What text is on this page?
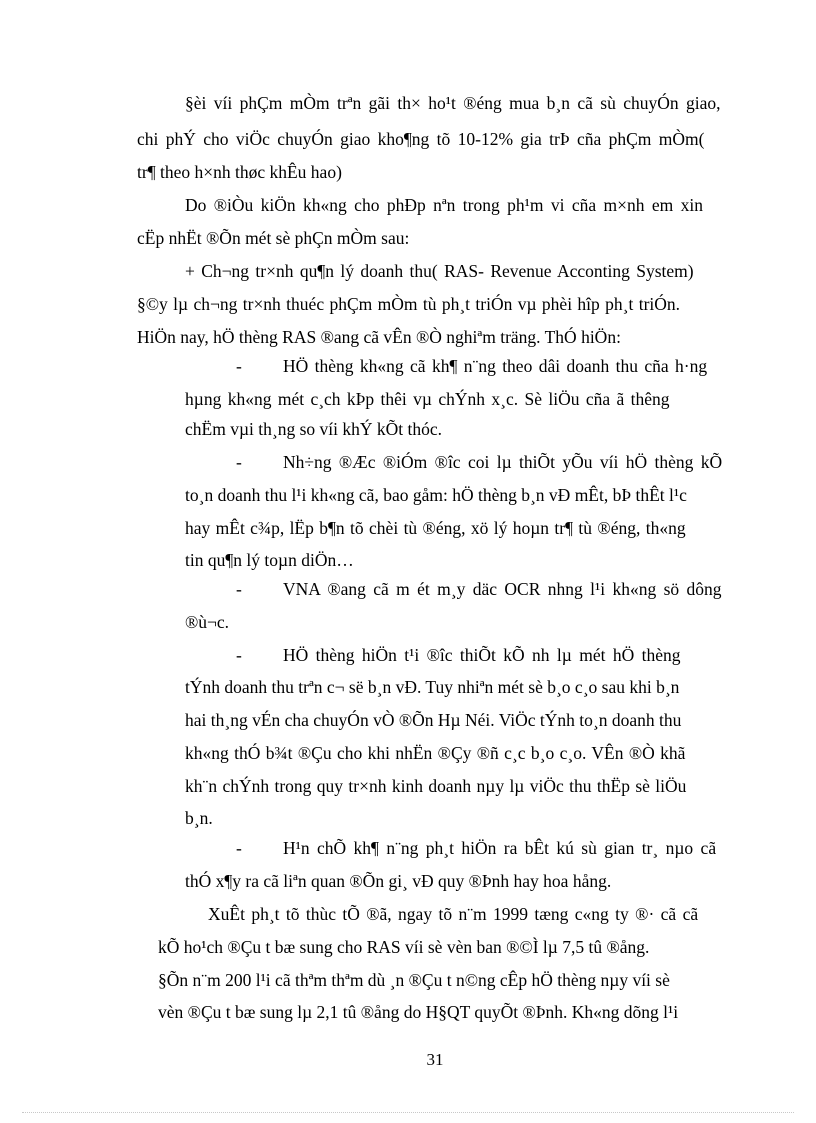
§èi víi phÇm mÒm trªn gãi th× ho¹t ®éng mua b¸n cã sù chuyÓn giao,
chi phÝ cho viÖc chuyÓn giao kho¶ng tõ 10-12% gia trÞ cña phÇm mÒm(
tr¶ theo h×nh thøc khÊu hao)
Do ®iÒu kiÖn kh«ng cho phÐp nªn trong ph¹m vi cña m×nh em xin
cËp nhËt ®Õn mét sè phÇn mÒm sau:
+ Ch¬ng tr×nh qu¶n lý doanh thu( RAS- Revenue Acconting System)
§©y lµ ch¬ng tr×nh thuéc phÇm mÒm tù ph¸t triÓn vµ phèi hîp ph¸t triÓn.
HiÖn nay, hÖ thèng RAS ®ang cã vÊn ®Ò nghiªm träng. ThÓ hiÖn:
- HÖ thèng kh«ng cã kh¶ n¨ng theo dâi doanh thu cña h·ng
hµng kh«ng mét c¸ch kÞp thêi vµ chÝnh x¸c. Sè liÖu cña ã thêng
chËm vµi th¸ng so víi khÝ kÕt thóc.
- Nh÷ng ®Æc ®iÓm ®îc coi lµ thiÕt yÕu víi hÖ thèng kÕ
to¸n doanh thu l¹i kh«ng cã, bao gåm: hÖ thèng b¸n vÐ mÊt, bÞ thÊt l¹c
hay mÊt c¾p, lËp b¶n tõ chèi tù ®éng, xö lý hoµn tr¶ tù ®éng, th«ng
tin qu¶n lý toµn diÖn…
- VNA ®ang cã m ét m¸y däc OCR nhng l¹i kh«ng sö dông
®ù¬c.
- HÖ thèng hiÖn t¹i ®îc thiÕt kÕ nh lµ mét hÖ thèng
tÝnh doanh thu trªn c¬ së b¸n vÐ. Tuy nhiªn mét sè b¸o c¸o sau khi b¸n
hai th¸ng vÉn cha chuyÓn vÒ ®Õn Hµ Néi. ViÖc tÝnh to¸n doanh thu
kh«ng thÓ b¾t ®Çu cho khi nhËn ®Çy ®ñ c¸c b¸o c¸o. VÊn ®Ò khã
kh¨n chÝnh trong quy tr×nh kinh doanh nµy lµ viÖc thu thËp sè liÖu
b¸n.
- H¹n chÕ kh¶ n¨ng ph¸t hiÖn ra bÊt kú sù gian tr¸ nµo cã
thÓ x¶y ra cã liªn quan ®Õn gi¸ vÐ quy ®Þnh hay hoa hång.
XuÊt ph¸t tõ thùc tÕ ®ã, ngay tõ n¨m 1999 tæng c«ng ty ®· cã cã
kÕ ho¹ch ®Çu t bæ sung cho RAS víi sè vèn ban ®©Ì lµ 7,5 tû ®ång.
§Õn n¨m 200 l¹i cã thªm thªm dù ¸n ®Çu t n©ng cÊp hÖ thèng nµy víi sè
vèn ®Çu t bæ sung lµ 2,1 tû ®ång do H§QT quyÕt ®Þnh. Kh«ng dõng l¹i
31
